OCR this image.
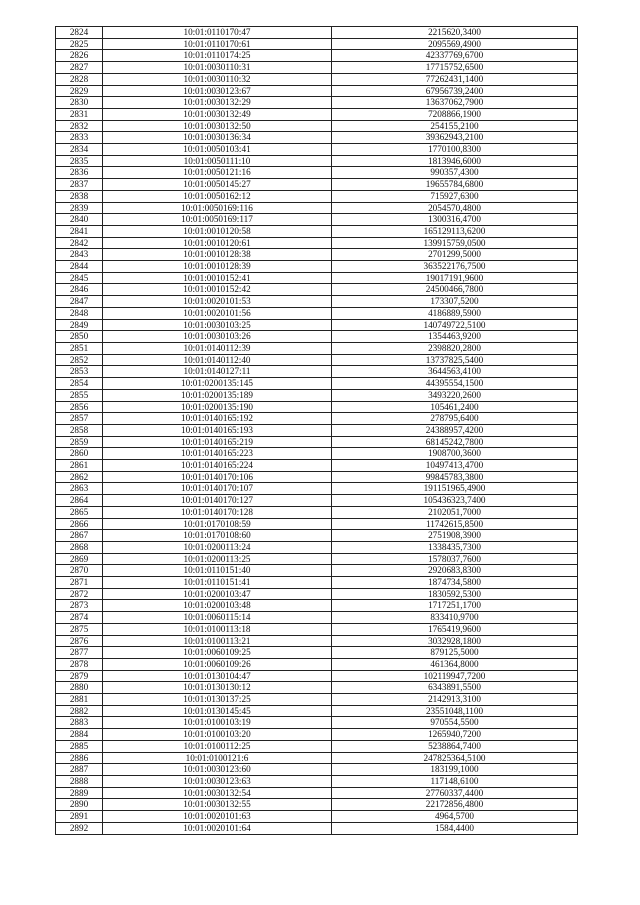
2824	10:01:0110170:47	2215620,3400
2825	10:01:0110170:61	2095569,4900
2826	10:01:0110174:25	42337769,6700
2827	10:01:0030110:31	17715752,6500
2828	10:01:0030110:32	77262431,1400
2829	10:01:0030123:67	67956739,2400
2830	10:01:0030132:29	13637062,7900
2831	10:01:0030132:49	7208866,1900
2832	10:01:0030132:50	254155,2100
2833	10:01:0030136:34	39362943,2100
2834	10:01:0050103:41	1770100,8300
2835	10:01:0050111:10	1813946,6000
2836	10:01:0050121:16	990357,4300
2837	10:01:0050145:27	19655784,6800
2838	10:01:0050162:12	715927,6300
2839	10:01:0050169:116	2054570,4800
2840	10:01:0050169:117	1300316,4700
2841	10:01:0010120:58	165129113,6200
2842	10:01:0010120:61	139915759,0500
2843	10:01:0010128:38	2701299,5000
2844	10:01:0010128:39	363522176,7500
2845	10:01:0010152:41	19017191,9600
2846	10:01:0010152:42	24500466,7800
2847	10:01:0020101:53	173307,5200
2848	10:01:0020101:56	4186889,5900
2849	10:01:0030103:25	140749722,5100
2850	10:01:0030103:26	1354463,9200
2851	10:01:0140112:39	2398820,2800
2852	10:01:0140112:40	13737825,5400
2853	10:01:0140127:11	3644563,4100
2854	10:01:0200135:145	44395554,1500
2855	10:01:0200135:189	3493220,2600
2856	10:01:0200135:190	105461,2400
2857	10:01:0140165:192	278795,6400
2858	10:01:0140165:193	24388957,4200
2859	10:01:0140165:219	68145242,7800
2860	10:01:0140165:223	1908700,3600
2861	10:01:0140165:224	10497413,4700
2862	10:01:0140170:106	99845783,3800
2863	10:01:0140170:107	191151965,4900
2864	10:01:0140170:127	105436323,7400
2865	10:01:0140170:128	2102051,7000
2866	10:01:0170108:59	11742615,8500
2867	10:01:0170108:60	2751908,3900
2868	10:01:0200113:24	1338435,7300
2869	10:01:0200113:25	1578037,7600
2870	10:01:0110151:40	2920683,8300
2871	10:01:0110151:41	1874734,5800
2872	10:01:0200103:47	1830592,5300
2873	10:01:0200103:48	1717251,1700
2874	10:01:0060115:14	833410,9700
2875	10:01:0100113:18	1765419,9600
2876	10:01:0100113:21	3032928,1800
2877	10:01:0060109:25	879125,5000
2878	10:01:0060109:26	461364,8000
2879	10:01:0130104:47	102119947,7200
2880	10:01:0130130:12	6343891,5500
2881	10:01:0130137:25	2142913,3100
2882	10:01:0130145:45	23551048,1100
2883	10:01:0100103:19	970554,5500
2884	10:01:0100103:20	1265940,7200
2885	10:01:0100112:25	5238864,7400
2886	10:01:0100121:6	247825364,5100
2887	10:01:0030123:60	183199,1000
2888	10:01:0030123:63	117148,6100
2889	10:01:0030132:54	27760337,4400
2890	10:01:0030132:55	22172856,4800
2891	10:01:0020101:63	4964,5700
2892	10:01:0020101:64	1584,4400
